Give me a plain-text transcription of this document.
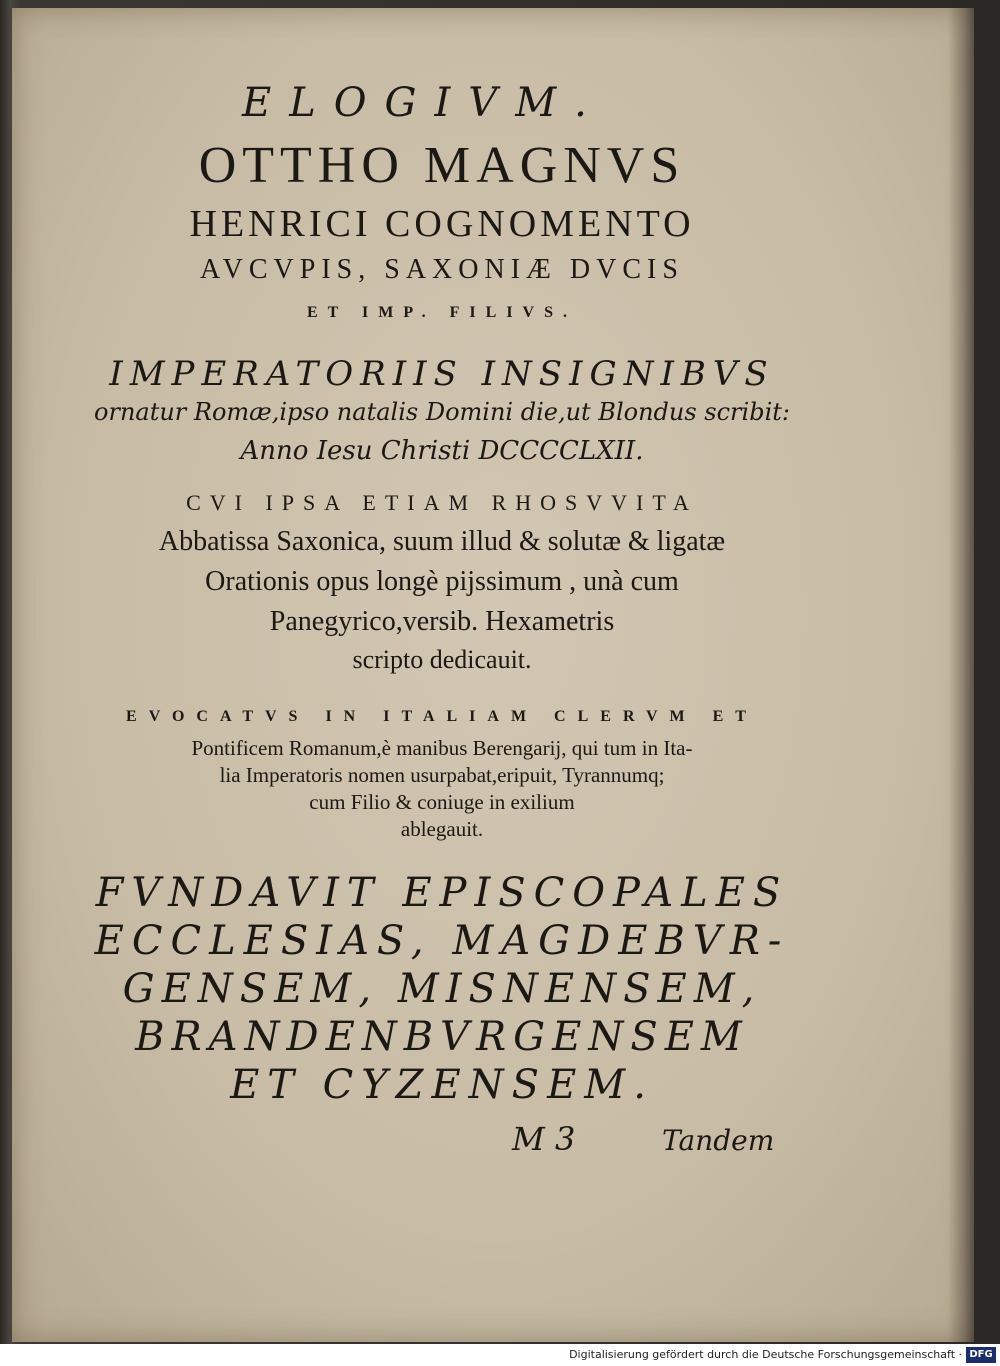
ELOGIVM.
OTTHO MAGNVS
HENRICI COGNOMENTO
AVCVPIS, SAXONIÆ DVCIS
ET IMP. FILIVS.
IMPERATORIIS INSIGNIBVS
ornatur Romæ,ipso natalis Domini die,ut Blondus scribit:
Anno Iesu Christi DCCCCLXII.
CVI IPSA ETIAM RHOSVVITA
Abbatissa Saxonica, suum illud & solutæ & ligatæ
Orationis opus longè pijssimum , unà cum
Panegyrico,versib. Hexametris
scripto dedicauit.
EVOCATVS IN ITALIAM CLERVM ET
Pontificem Romanum,è manibus Berengarij, qui tum in Ita-
lia Imperatoris nomen usurpabat,eripuit, Tyrannumq;
cum Filio & coniuge in exilium
ablegauit.
FVNDAVIT EPISCOPALES
ECCLESIAS, MAGDEBVR-
GENSEM, MISNENSEM,
BRANDENBVRGENSEM
ET CYZENSEM.
M 3	Tandem
Digitalisierung gefördert durch die Deutsche Forschungsgemeinschaft · DFG
